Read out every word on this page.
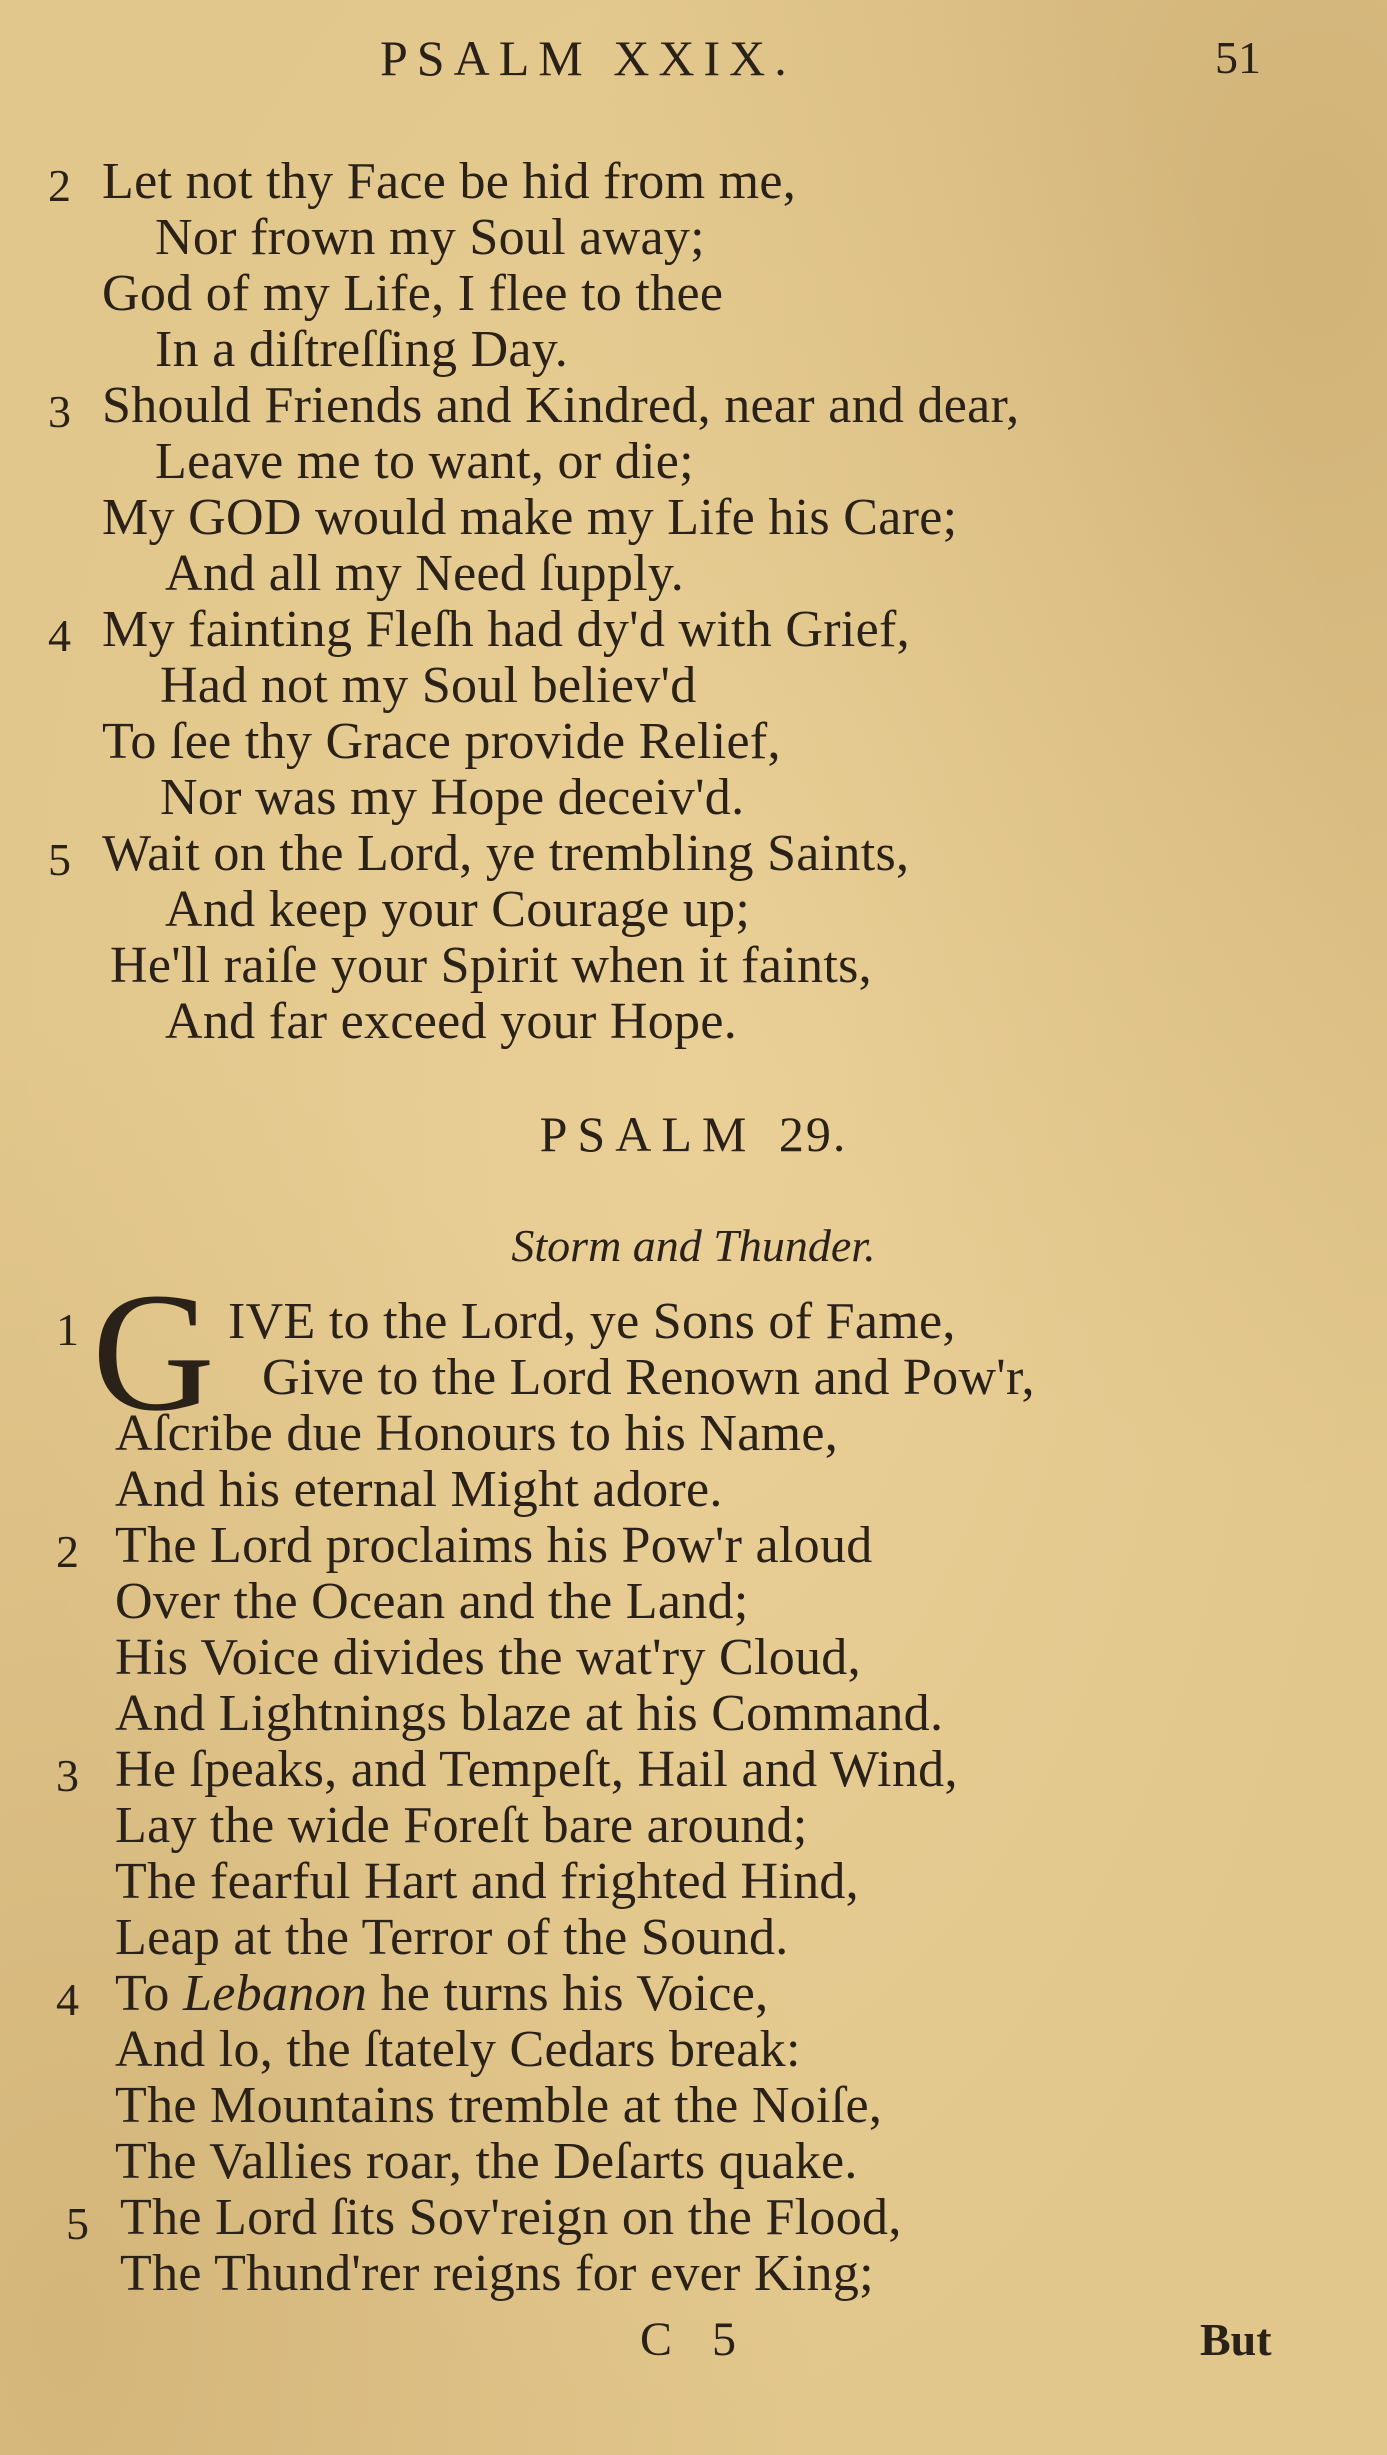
PSALM XXIX.	51
2 Let not thy Face be hid from me,
Nor frown my Soul away;
God of my Life, I flee to thee
In a diſtreſſing Day.
3 Should Friends and Kindred, near and dear,
Leave me to want, or die;
My GOD would make my Life his Care;
And all my Need ſupply.
4 My fainting Fleſh had dy'd with Grief,
Had not my Soul believ'd
To ſee thy Grace provide Relief,
Nor was my Hope deceiv'd.
5 Wait on the Lord, ye trembling Saints,
And keep your Courage up;
He'll raiſe your Spirit when it faints,
And far exceed your Hope.
PSALM 29.
Storm and Thunder.
1 G IVE to the Lord, ye Sons of Fame,
Give to the Lord Renown and Pow'r,
Aſcribe due Honours to his Name,
And his eternal Might adore.
2 The Lord proclaims his Pow'r aloud
Over the Ocean and the Land;
His Voice divides the wat'ry Cloud,
And Lightnings blaze at his Command.
3 He ſpeaks, and Tempeſt, Hail and Wind,
Lay the wide Foreſt bare around;
The fearful Hart and frighted Hind,
Leap at the Terror of the Sound.
4 To Lebanon he turns his Voice,
And lo, the ſtately Cedars break:
The Mountains tremble at the Noiſe,
The Vallies roar, the Deſarts quake.
5 The Lord ſits Sov'reign on the Flood,
The Thund'rer reigns for ever King;
C 5	But
